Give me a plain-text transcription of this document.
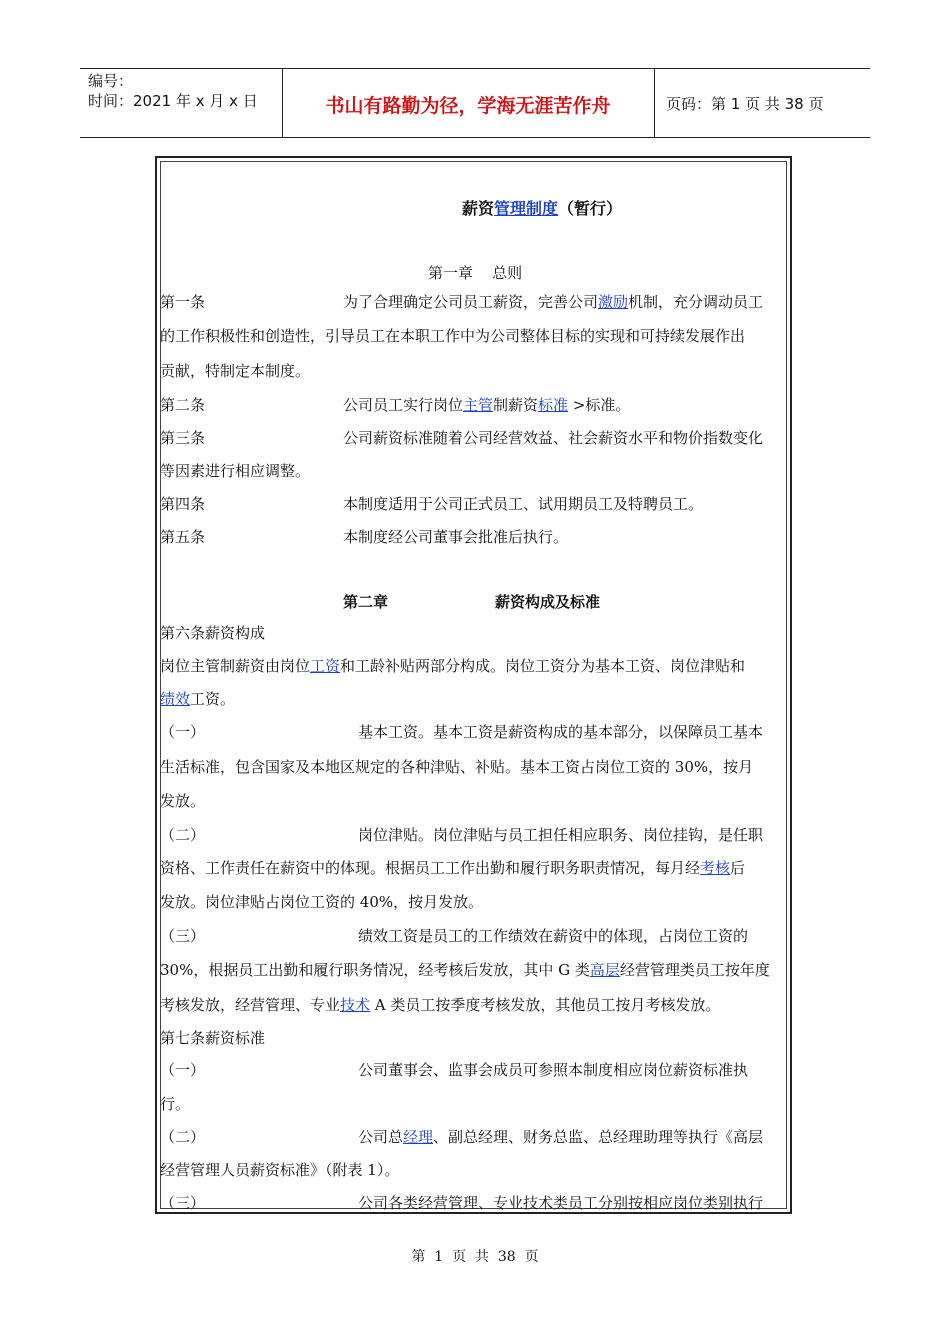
编号：
时间：2021 年 x 月 x 日	书山有路勤为径，学海无涯苦作舟	页码：第 1 页 共 38 页
薪资管理制度（暂行）
第一章    总则
第一条	为了合理确定公司员工薪资，完善公司激励机制，充分调动员工
的工作积极性和创造性，引导员工在本职工作中为公司整体目标的实现和可持续发展作出
贡献，特制定本制度。
第二条	公司员工实行岗位主管制薪资标准 >标准。
第三条	公司薪资标准随着公司经营效益、社会薪资水平和物价指数变化
等因素进行相应调整。
第四条	本制度适用于公司正式员工、试用期员工及特聘员工。
第五条	本制度经公司董事会批准后执行。
第二章	薪资构成及标准
第六条薪资构成
岗位主管制薪资由岗位工资和工龄补贴两部分构成。岗位工资分为基本工资、岗位津贴和
绩效工资。
（一）	基本工资。基本工资是薪资构成的基本部分，以保障员工基本
生活标准，包含国家及本地区规定的各种津贴、补贴。基本工资占岗位工资的 30%，按月
发放。
（二）	岗位津贴。岗位津贴与员工担任相应职务、岗位挂钩，是任职
资格、工作责任在薪资中的体现。根据员工工作出勤和履行职务职责情况，每月经考核后
发放。岗位津贴占岗位工资的 40%，按月发放。
（三）	绩效工资是员工的工作绩效在薪资中的体现，占岗位工资的
30%，根据员工出勤和履行职务情况，经考核后发放，其中 G 类高层经营管理类员工按年度
考核发放，经营管理、专业技术 A 类员工按季度考核发放，其他员工按月考核发放。
第七条薪资标准
（一）	公司董事会、监事会成员可参照本制度相应岗位薪资标准执
行。
（二）	公司总经理、副总经理、财务总监、总经理助理等执行《高层
经营管理人员薪资标准》（附表 1）。
（三）	公司各类经营管理、专业技术类员工分别按相应岗位类别执行
第  1  页  共  38  页
